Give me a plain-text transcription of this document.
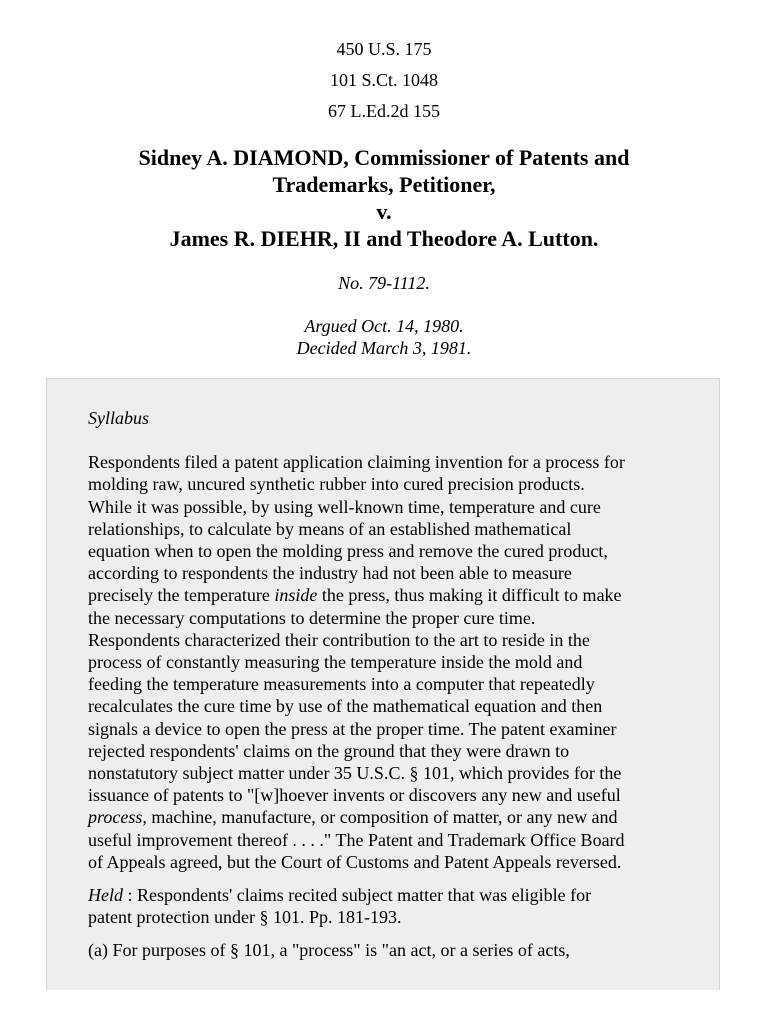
450 U.S. 175
101 S.Ct. 1048
67 L.Ed.2d 155
Sidney A. DIAMOND, Commissioner of Patents and
Trademarks, Petitioner,
v.
James R. DIEHR, II and Theodore A. Lutton.
No. 79-1112.
Argued Oct. 14, 1980.
Decided March 3, 1981.
Syllabus
Respondents filed a patent application claiming invention for a process for
molding raw, uncured synthetic rubber into cured precision products.
While it was possible, by using well-known time, temperature and cure
relationships, to calculate by means of an established mathematical
equation when to open the molding press and remove the cured product,
according to respondents the industry had not been able to measure
precisely the temperature inside the press, thus making it difficult to make
the necessary computations to determine the proper cure time.
Respondents characterized their contribution to the art to reside in the
process of constantly measuring the temperature inside the mold and
feeding the temperature measurements into a computer that repeatedly
recalculates the cure time by use of the mathematical equation and then
signals a device to open the press at the proper time. The patent examiner
rejected respondents' claims on the ground that they were drawn to
nonstatutory subject matter under 35 U.S.C. § 101, which provides for the
issuance of patents to "[w]hoever invents or discovers any new and useful
process, machine, manufacture, or composition of matter, or any new and
useful improvement thereof . . . ." The Patent and Trademark Office Board
of Appeals agreed, but the Court of Customs and Patent Appeals reversed.
Held : Respondents' claims recited subject matter that was eligible for
patent protection under § 101. Pp. 181-193.
(a) For purposes of § 101, a "process" is "an act, or a series of acts,
